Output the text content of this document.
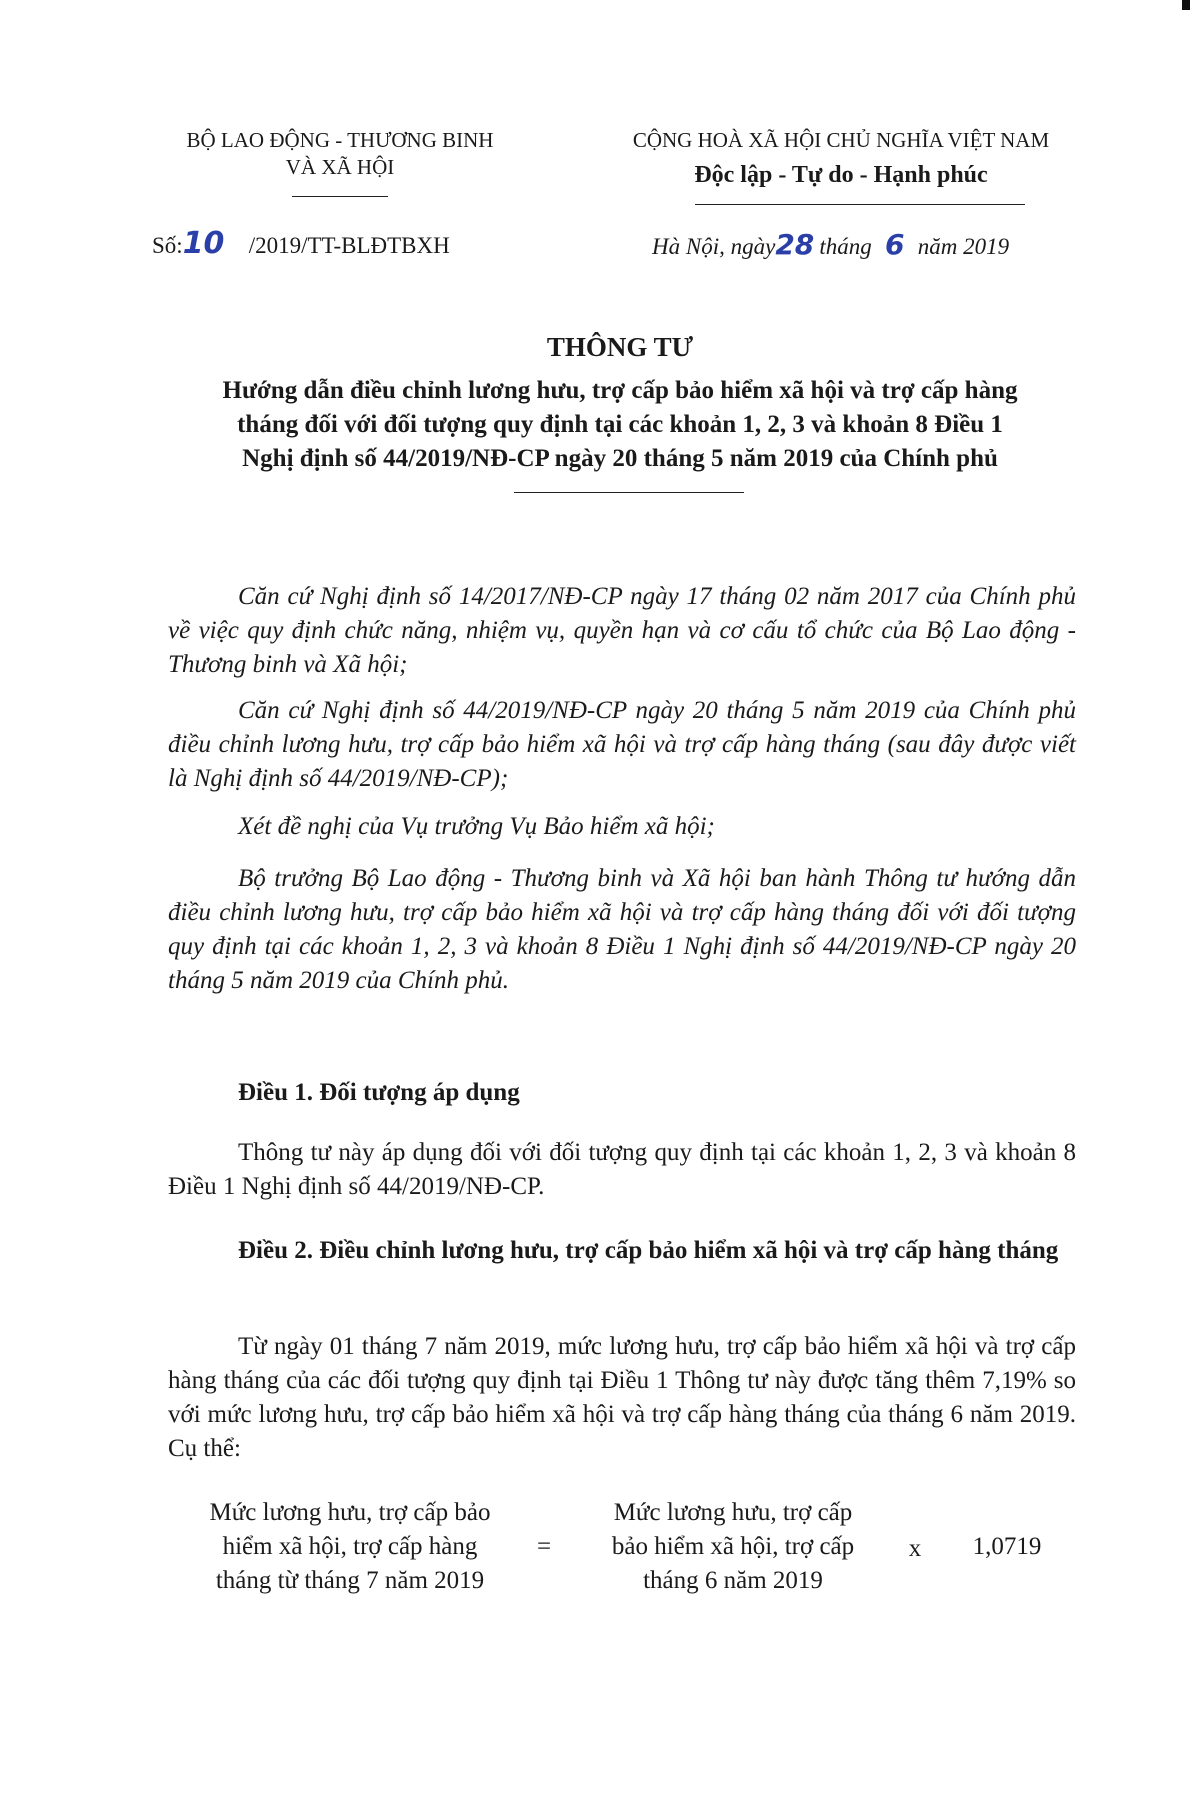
BỘ LAO ĐỘNG - THƯƠNG BINH
VÀ XÃ HỘI
CỘNG HOÀ XÃ HỘI CHỦ NGHĨA VIỆT NAM
Độc lập - Tự do - Hạnh phúc
Số:10 /2019/TT-BLĐTBXH	Hà Nội, ngày28 tháng 6 năm 2019
THÔNG TƯ
Hướng dẫn điều chỉnh lương hưu, trợ cấp bảo hiểm xã hội và trợ cấp hàng
tháng đối với đối tượng quy định tại các khoản 1, 2, 3 và khoản 8 Điều 1
Nghị định số 44/2019/NĐ-CP ngày 20 tháng 5 năm 2019 của Chính phủ
Căn cứ Nghị định số 14/2017/NĐ-CP ngày 17 tháng 02 năm 2017 của Chính phủ về việc quy định chức năng, nhiệm vụ, quyền hạn và cơ cấu tổ chức của Bộ Lao động - Thương binh và Xã hội;
Căn cứ Nghị định số 44/2019/NĐ-CP ngày 20 tháng 5 năm 2019 của Chính phủ điều chỉnh lương hưu, trợ cấp bảo hiểm xã hội và trợ cấp hàng tháng (sau đây được viết là Nghị định số 44/2019/NĐ-CP);
Xét đề nghị của Vụ trưởng Vụ Bảo hiểm xã hội;
Bộ trưởng Bộ Lao động - Thương binh và Xã hội ban hành Thông tư hướng dẫn điều chỉnh lương hưu, trợ cấp bảo hiểm xã hội và trợ cấp hàng tháng đối với đối tượng quy định tại các khoản 1, 2, 3 và khoản 8 Điều 1 Nghị định số 44/2019/NĐ-CP ngày 20 tháng 5 năm 2019 của Chính phủ.
Điều 1. Đối tượng áp dụng
Thông tư này áp dụng đối với đối tượng quy định tại các khoản 1, 2, 3 và khoản 8 Điều 1 Nghị định số 44/2019/NĐ-CP.
Điều 2. Điều chỉnh lương hưu, trợ cấp bảo hiểm xã hội và trợ cấp hàng tháng
Từ ngày 01 tháng 7 năm 2019, mức lương hưu, trợ cấp bảo hiểm xã hội và trợ cấp hàng tháng của các đối tượng quy định tại Điều 1 Thông tư này được tăng thêm 7,19% so với mức lương hưu, trợ cấp bảo hiểm xã hội và trợ cấp hàng tháng của tháng 6 năm 2019. Cụ thể:
Mức lương hưu, trợ cấp bảo
hiểm xã hội, trợ cấp hàng
tháng từ tháng 7 năm 2019
=
Mức lương hưu, trợ cấp
bảo hiểm xã hội, trợ cấp
tháng 6 năm 2019
x	1,0719
